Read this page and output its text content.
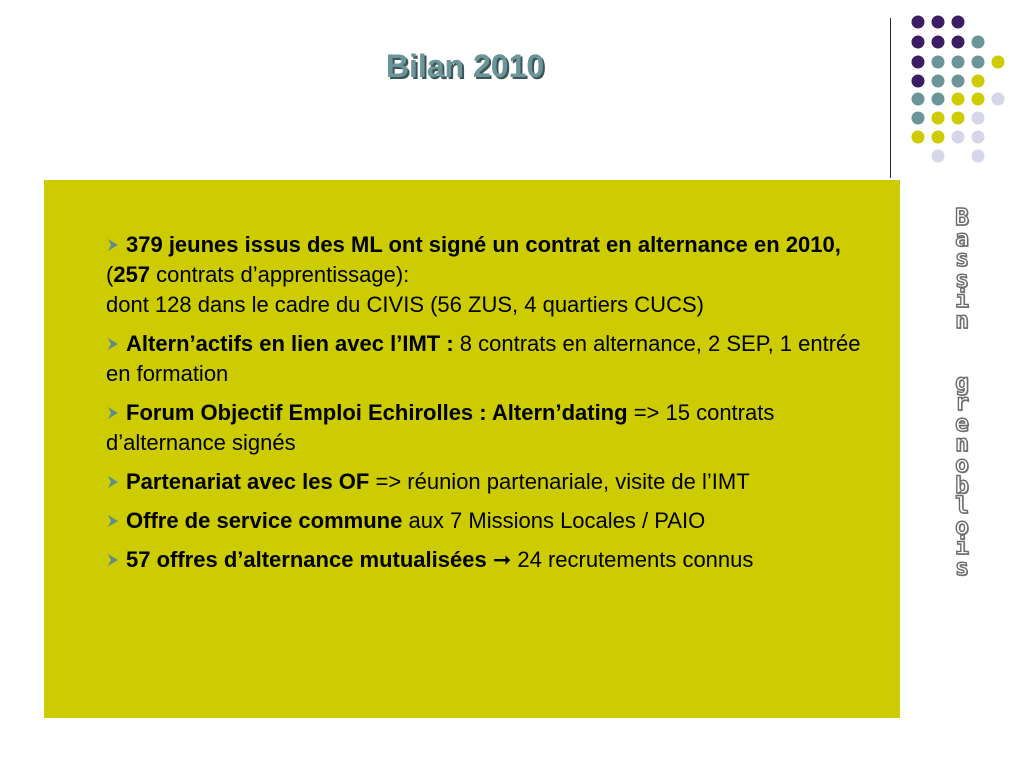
Bilan 2010
379 jeunes issus des ML ont signé un contrat en alternance en 2010, (257 contrats d’apprentissage):
dont 128 dans le cadre du CIVIS (56 ZUS, 4 quartiers CUCS)
Altern’actifs en lien avec l’IMT : 8 contrats en alternance, 2 SEP, 1 entrée en formation
Forum Objectif Emploi Echirolles : Altern’dating => 15 contrats d’alternance signés
Partenariat avec les OF => réunion partenariale, visite de l’IMT
Offre de service commune aux 7 Missions Locales / PAIO
57 offres d’alternance mutualisées ➞ 24 recrutements connus
B
a
s
s
i
n
g
r
e
n
o
b
l
o
i
s
